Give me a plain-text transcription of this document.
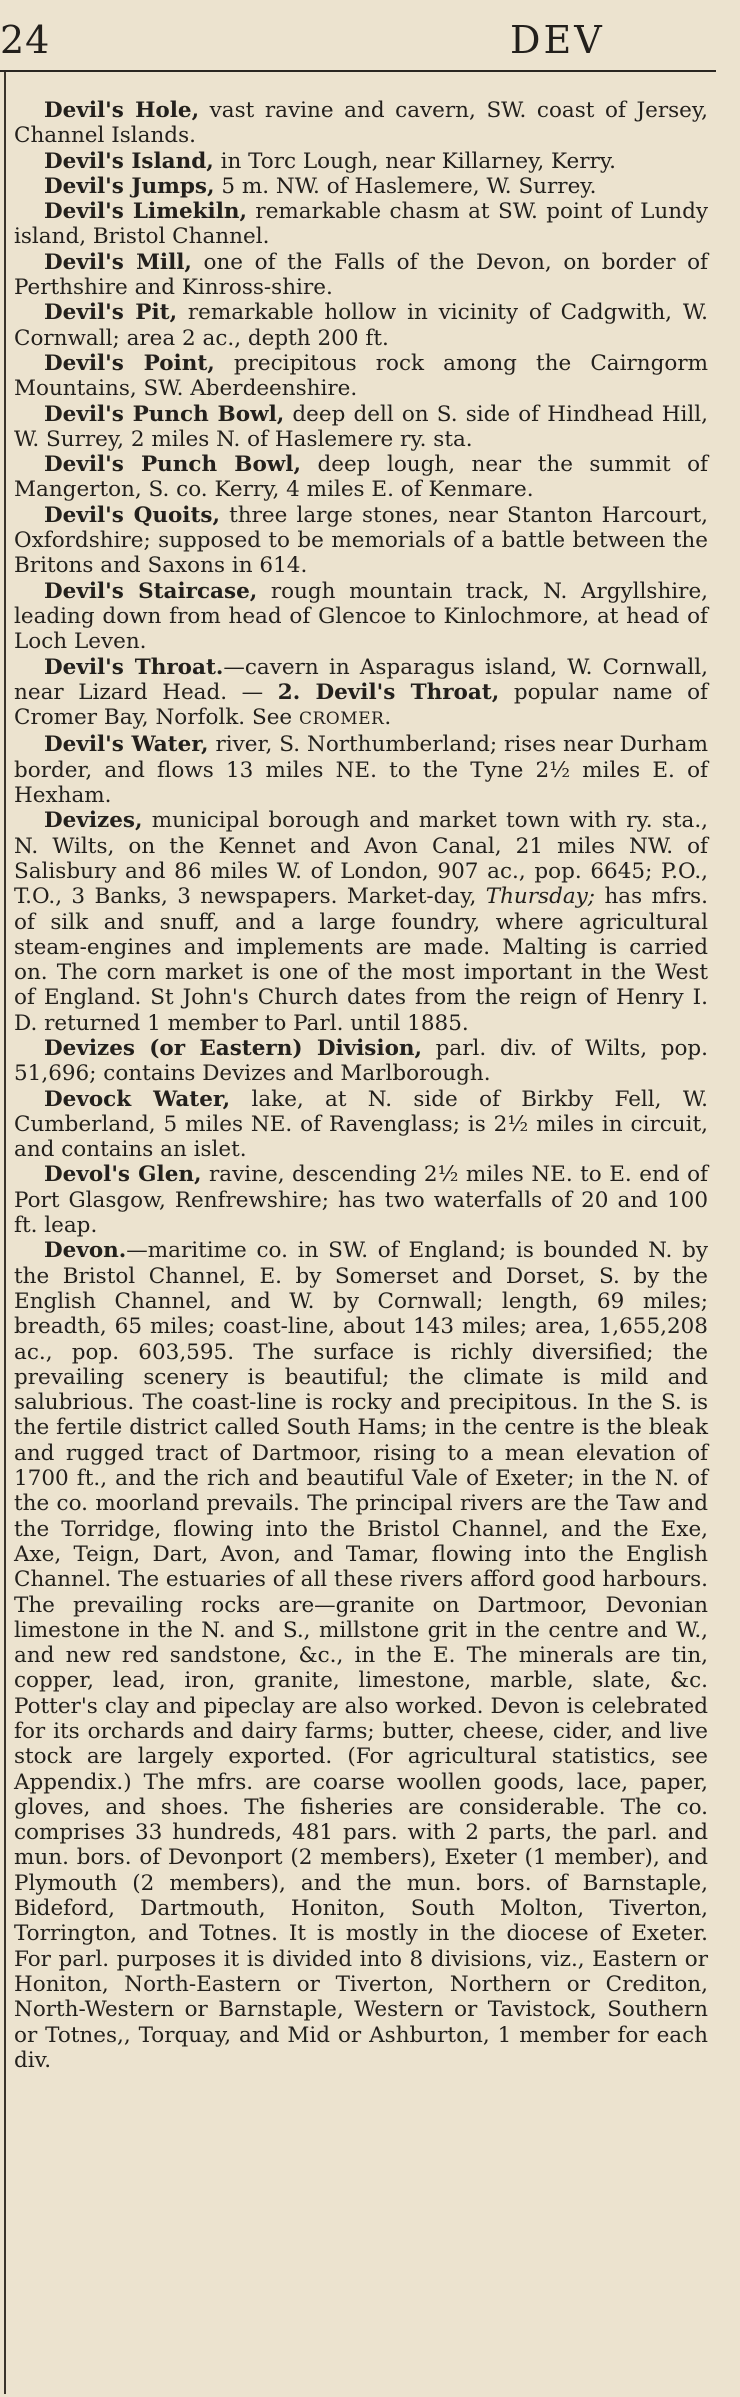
24	DEV

Devil's Hole, vast ravine and cavern, SW. coast of Jersey, Channel Islands.

Devil's Island, in Torc Lough, near Killarney, Kerry.

Devil's Jumps, 5 m. NW. of Haslemere, W. Surrey.

Devil's Limekiln, remarkable chasm at SW. point of Lundy island, Bristol Channel.

Devil's Mill, one of the Falls of the Devon, on border of Perthshire and Kinross-shire.

Devil's Pit, remarkable hollow in vicinity of Cadgwith, W. Cornwall; area 2 ac., depth 200 ft.

Devil's Point, precipitous rock among the Cairngorm Mountains, SW. Aberdeenshire.

Devil's Punch Bowl, deep dell on S. side of Hindhead Hill, W. Surrey, 2 miles N. of Haslemere ry. sta.

Devil's Punch Bowl, deep lough, near the summit of Mangerton, S. co. Kerry, 4 miles E. of Kenmare.

Devil's Quoits, three large stones, near Stanton Harcourt, Oxfordshire; supposed to be memorials of a battle between the Britons and Saxons in 614.

Devil's Staircase, rough mountain track, N. Argyllshire, leading down from head of Glencoe to Kinlochmore, at head of Loch Leven.

Devil's Throat.—cavern in Asparagus island, W. Cornwall, near Lizard Head. — 2. Devil's Throat, popular name of Cromer Bay, Norfolk. See CROMER.

Devil's Water, river, S. Northumberland; rises near Durham border, and flows 13 miles NE. to the Tyne 2½ miles E. of Hexham.

Devizes, municipal borough and market town with ry. sta., N. Wilts, on the Kennet and Avon Canal, 21 miles NW. of Salisbury and 86 miles W. of London, 907 ac., pop. 6645; P.O., T.O., 3 Banks, 3 newspapers. Market-day, Thursday; has mfrs. of silk and snuff, and a large foundry, where agricultural steam-engines and implements are made. Malting is carried on. The corn market is one of the most important in the West of England. St John's Church dates from the reign of Henry I. D. returned 1 member to Parl. until 1885.

Devizes (or Eastern) Division, parl. div. of Wilts, pop. 51,696; contains Devizes and Marlborough.

Devock Water, lake, at N. side of Birkby Fell, W. Cumberland, 5 miles NE. of Ravenglass; is 2½ miles in circuit, and contains an islet.

Devol's Glen, ravine, descending 2½ miles NE. to E. end of Port Glasgow, Renfrewshire; has two waterfalls of 20 and 100 ft. leap.

Devon.—maritime co. in SW. of England; is bounded N. by the Bristol Channel, E. by Somerset and Dorset, S. by the English Channel, and W. by Cornwall; length, 69 miles; breadth, 65 miles; coast-line, about 143 miles; area, 1,655,208 ac., pop. 603,595. The surface is richly diversified; the prevailing scenery is beautiful; the climate is mild and salubrious. The coast-line is rocky and precipitous. In the S. is the fertile district called South Hams; in the centre is the bleak and rugged tract of Dartmoor, rising to a mean elevation of 1700 ft., and the rich and beautiful Vale of Exeter; in the N. of the co. moorland prevails. The principal rivers are the Taw and the Torridge, flowing into the Bristol Channel, and the Exe, Axe, Teign, Dart, Avon, and Tamar, flowing into the English Channel. The estuaries of all these rivers afford good harbours. The prevailing rocks are—granite on Dartmoor, Devonian limestone in the N. and S., millstone grit in the centre and W., and new red sandstone, &c., in the E. The minerals are tin, copper, lead, iron, granite, limestone, marble, slate, &c. Potter's clay and pipeclay are also worked. Devon is celebrated for its orchards and dairy farms; butter, cheese, cider, and live stock are largely exported. (For agricultural statistics, see Appendix.) The mfrs. are coarse woollen goods, lace, paper, gloves, and shoes. The fisheries are considerable. The co. comprises 33 hundreds, 481 pars. with 2 parts, the parl. and mun. bors. of Devonport (2 members), Exeter (1 member), and Plymouth (2 members), and the mun. bors. of Barnstaple, Bideford, Dartmouth, Honiton, South Molton, Tiverton, Torrington, and Totnes. It is mostly in the diocese of Exeter. For parl. purposes it is divided into 8 divisions, viz., Eastern or Honiton, North-Eastern or Tiverton, Northern or Crediton, North-Western or Barnstaple, Western or Tavistock, Southern or Totnes,, Torquay, and Mid or Ashburton, 1 member for each div.
